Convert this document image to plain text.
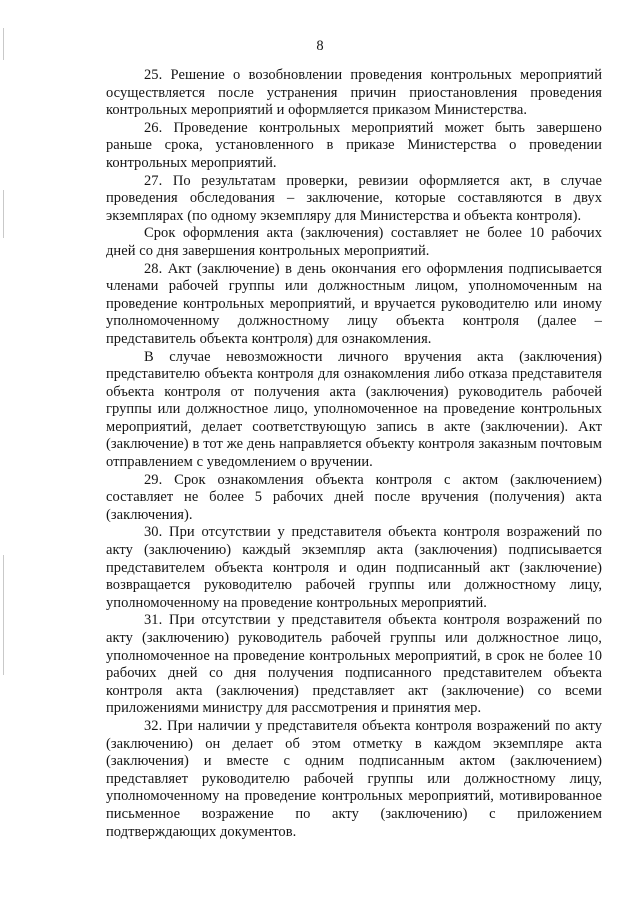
8

25. Решение о возобновлении проведения контрольных мероприятий осуществляется после устранения причин приостановления проведения контрольных мероприятий и оформляется приказом Министерства.

26. Проведение контрольных мероприятий может быть завершено раньше срока, установленного в приказе Министерства о проведении контрольных мероприятий.

27. По результатам проверки, ревизии оформляется акт, в случае проведения обследования – заключение, которые составляются в двух экземплярах (по одному экземпляру для Министерства и объекта контроля).

Срок оформления акта (заключения) составляет не более 10 рабочих дней со дня завершения контрольных мероприятий.

28. Акт (заключение) в день окончания его оформления подписывается членами рабочей группы или должностным лицом, уполномоченным на проведение контрольных мероприятий, и вручается руководителю или иному уполномоченному должностному лицу объекта контроля (далее – представитель объекта контроля) для ознакомления.

В случае невозможности личного вручения акта (заключения) представителю объекта контроля для ознакомления либо отказа представителя объекта контроля от получения акта (заключения) руководитель рабочей группы или должностное лицо, уполномоченное на проведение контрольных мероприятий, делает соответствующую запись в акте (заключении). Акт (заключение) в тот же день направляется объекту контроля заказным почтовым отправлением с уведомлением о вручении.

29. Срок ознакомления объекта контроля с актом (заключением) составляет не более 5 рабочих дней после вручения (получения) акта (заключения).

30. При отсутствии у представителя объекта контроля возражений по акту (заключению) каждый экземпляр акта (заключения) подписывается представителем объекта контроля и один подписанный акт (заключение) возвращается руководителю рабочей группы или должностному лицу, уполномоченному на проведение контрольных мероприятий.

31. При отсутствии у представителя объекта контроля возражений по акту (заключению) руководитель рабочей группы или должностное лицо, уполномоченное на проведение контрольных мероприятий, в срок не более 10 рабочих дней со дня получения подписанного представителем объекта контроля акта (заключения) представляет акт (заключение) со всеми приложениями министру для рассмотрения и принятия мер.

32. При наличии у представителя объекта контроля возражений по акту (заключению) он делает об этом отметку в каждом экземпляре акта (заключения) и вместе с одним подписанным актом (заключением) представляет руководителю рабочей группы или должностному лицу, уполномоченному на проведение контрольных мероприятий, мотивированное письменное возражение по акту (заключению) с приложением подтверждающих документов.
